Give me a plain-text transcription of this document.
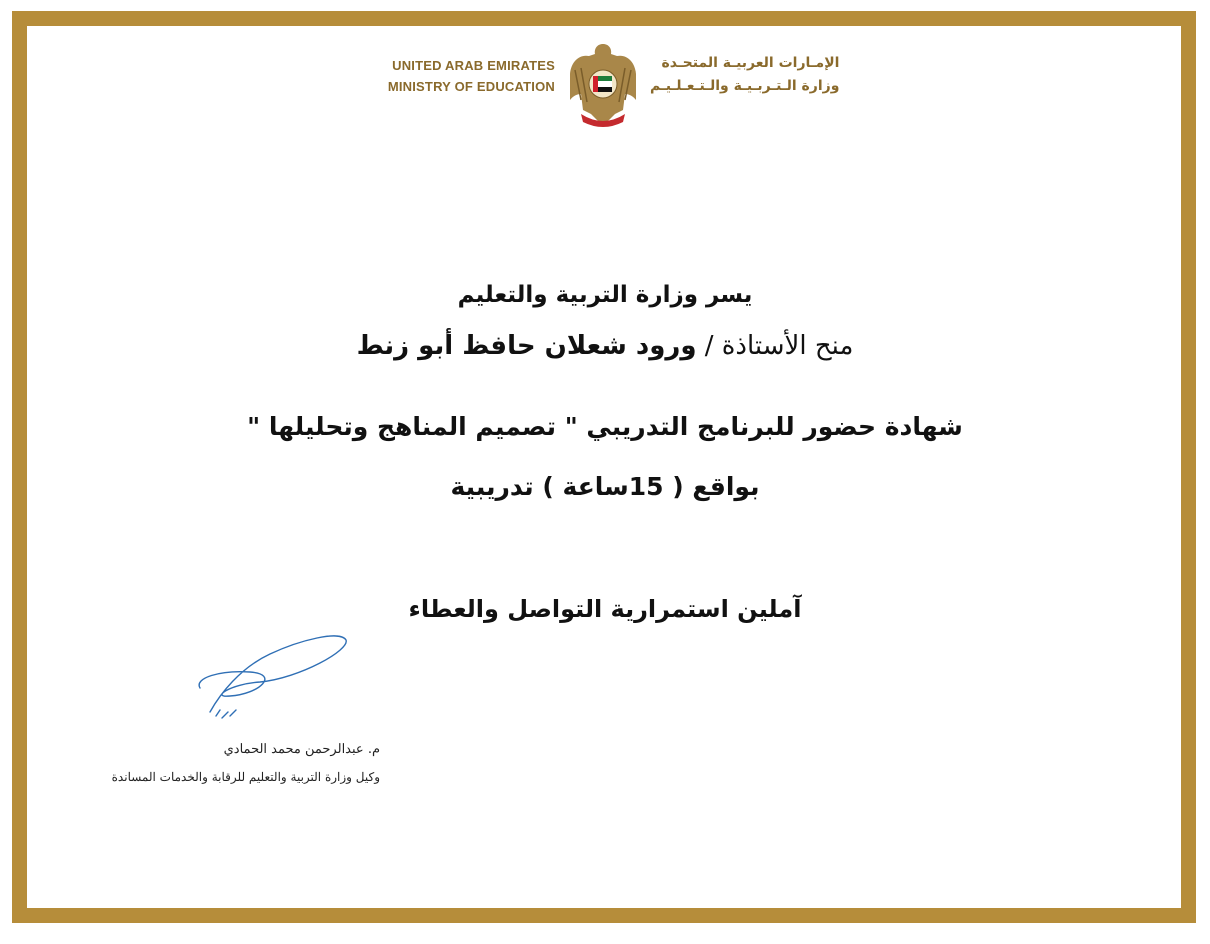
UNITED ARAB EMIRATES
MINISTRY OF EDUCATION
الإمـارات العربيـة المتحـدة
وزارة الـتـربـيـة والـتـعـلـيـم
يسر وزارة التربية والتعليم
منح الأستاذة / ورود شعلان حافظ أبو زنط
شهادة حضور للبرنامج التدريبي " تصميم المناهج وتحليلها "
بواقع ( 15ساعة ) تدريبية
آملين استمرارية التواصل والعطاء
م. عبدالرحمن محمد الحمادي
وكيل وزارة التربية والتعليم للرقابة والخدمات المساندة
